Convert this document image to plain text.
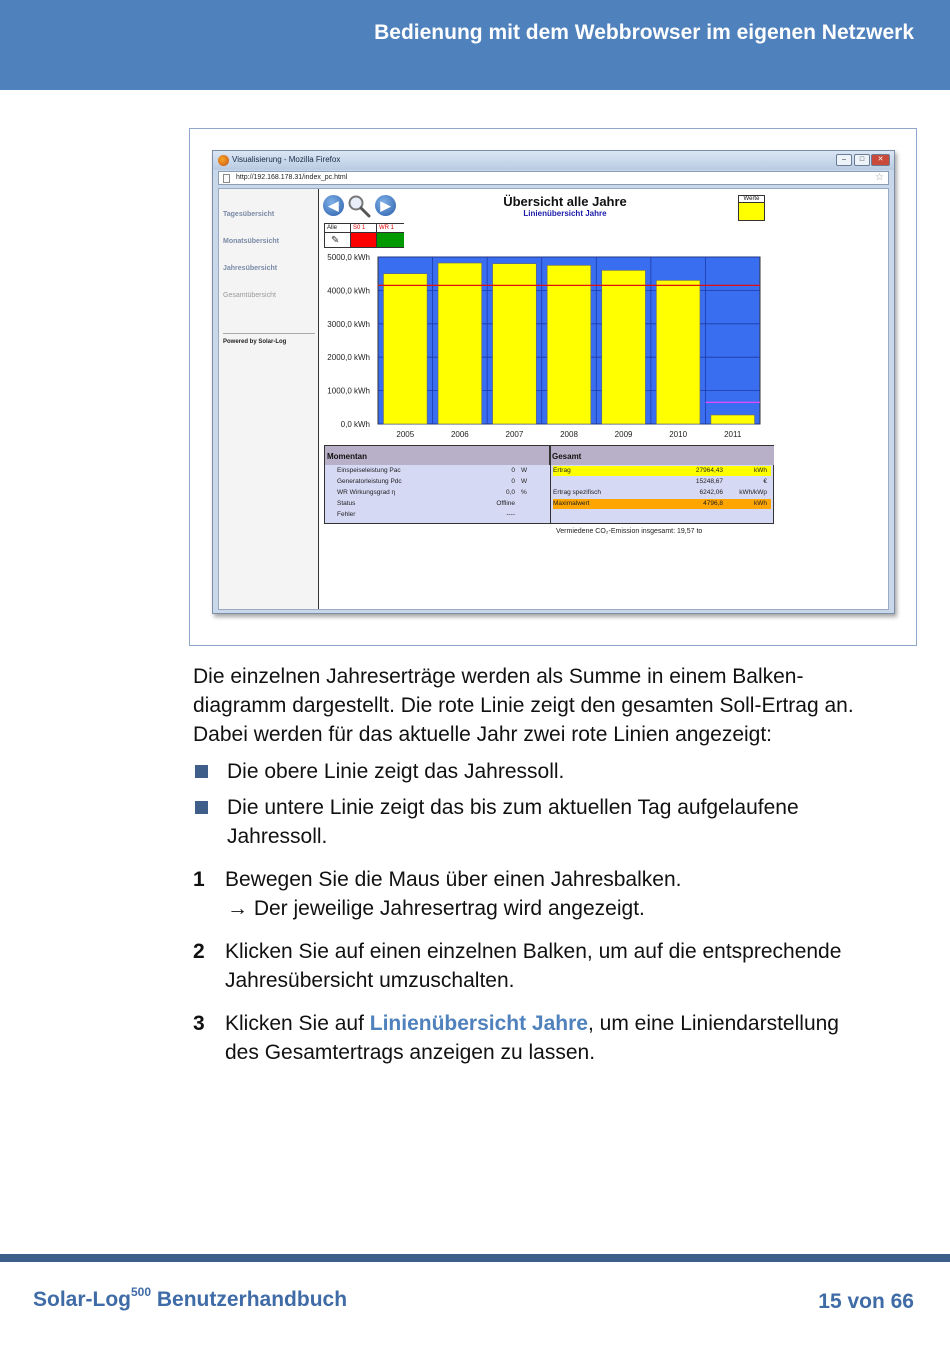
Bedienung mit dem Webbrowser im eigenen Netzwerk
Visualisierung - Mozilla Firefox	–	□	✕
http://192.168.178.31/index_pc.html	☆
Tagesübersicht
Monatsübersicht
Jahresübersicht
Gesamtübersicht
Powered by Solar-Log
◀	▶	Übersicht alle Jahre
Linienübersicht Jahre
Werte
Alle
✎
S0 1	WR 1
0,0 kWh
1000,0 kWh
2000,0 kWh
3000,0 kWh
4000,0 kWh
5000,0 kWh
2005	2006	2007	2008	2009	2010	2011
Momentan	Gesamt
Einspeiseleistung Pac	0 W
Generatorleistung Pdc	0 W
WR Wirkungsgrad η	0,0 %
Status	Offline
Fehler	----
Ertrag	27964,43	kWh
15248,67	€
Ertrag spezifisch	6242,06	kWh/kWp
Maximalwert	4796,8	kWh
Vermiedene CO₂-Emission insgesamt: 19,57 to
Die einzelnen Jahreserträge werden als Summe in einem Balken-
diagramm dargestellt. Die rote Linie zeigt den gesamten Soll-Ertrag an.
Dabei werden für das aktuelle Jahr zwei rote Linien angezeigt:
Die obere Linie zeigt das Jahressoll.
Die untere Linie zeigt das bis zum aktuellen Tag aufgelaufene
Jahressoll.
1 Bewegen Sie die Maus über einen Jahresbalken.
→ Der jeweilige Jahresertrag wird angezeigt.
2 Klicken Sie auf einen einzelnen Balken, um auf die entsprechende
Jahresübersicht umzuschalten.
3 Klicken Sie auf Linienübersicht Jahre, um eine Liniendarstellung
des Gesamtertrags anzeigen zu lassen.
Solar-Log$^{500}$ Benutzerhandbuch	15 von 66
